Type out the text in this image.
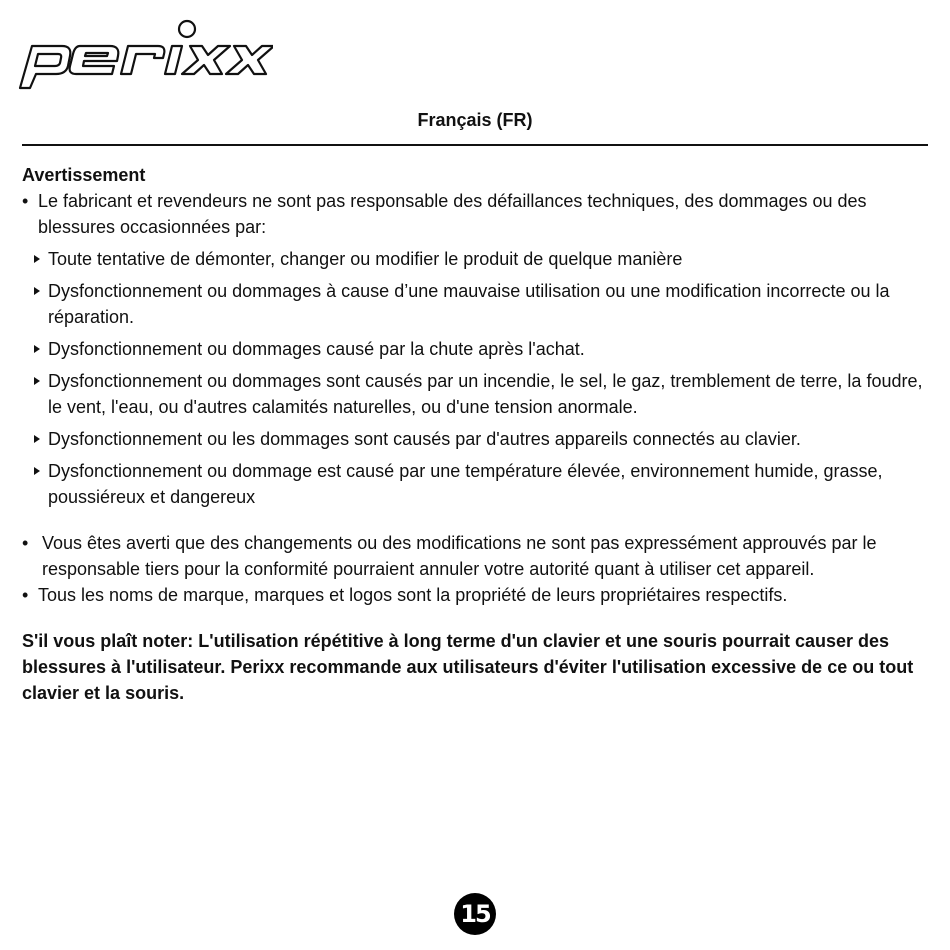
Français (FR)
Avertissement
• Le fabricant et revendeurs ne sont pas responsable des défaillances techniques, des dommages ou des blessures occasionnées par:
Toute tentative de démonter, changer ou modifier le produit de quelque manière
Dysfonctionnement ou dommages à cause d’une mauvaise utilisation ou une modification incorrecte ou la réparation.
Dysfonctionnement ou dommages causé par la chute après l'achat.
Dysfonctionnement ou dommages sont causés par un incendie, le sel, le gaz, tremblement de terre, la foudre, le vent, l'eau, ou d'autres calamités naturelles, ou d'une tension anormale.
Dysfonctionnement ou les dommages sont causés par d'autres appareils connectés au clavier.
Dysfonctionnement ou dommage est causé par une température élevée, environnement humide, grasse, poussiéreux et dangereux
• Vous êtes averti que des changements ou des modifications ne sont pas expressément approuvés par le responsable tiers pour la conformité pourraient annuler votre autorité quant à utiliser cet appareil.
• Tous les noms de marque, marques et logos sont la propriété de leurs propriétaires respectifs.
S'il vous plaît noter: L'utilisation répétitive à long terme d'un clavier et une souris pourrait causer des blessures à l'utilisateur. Perixx recommande aux utilisateurs d'éviter l'utilisation excessive de ce ou tout clavier et la souris.
15
